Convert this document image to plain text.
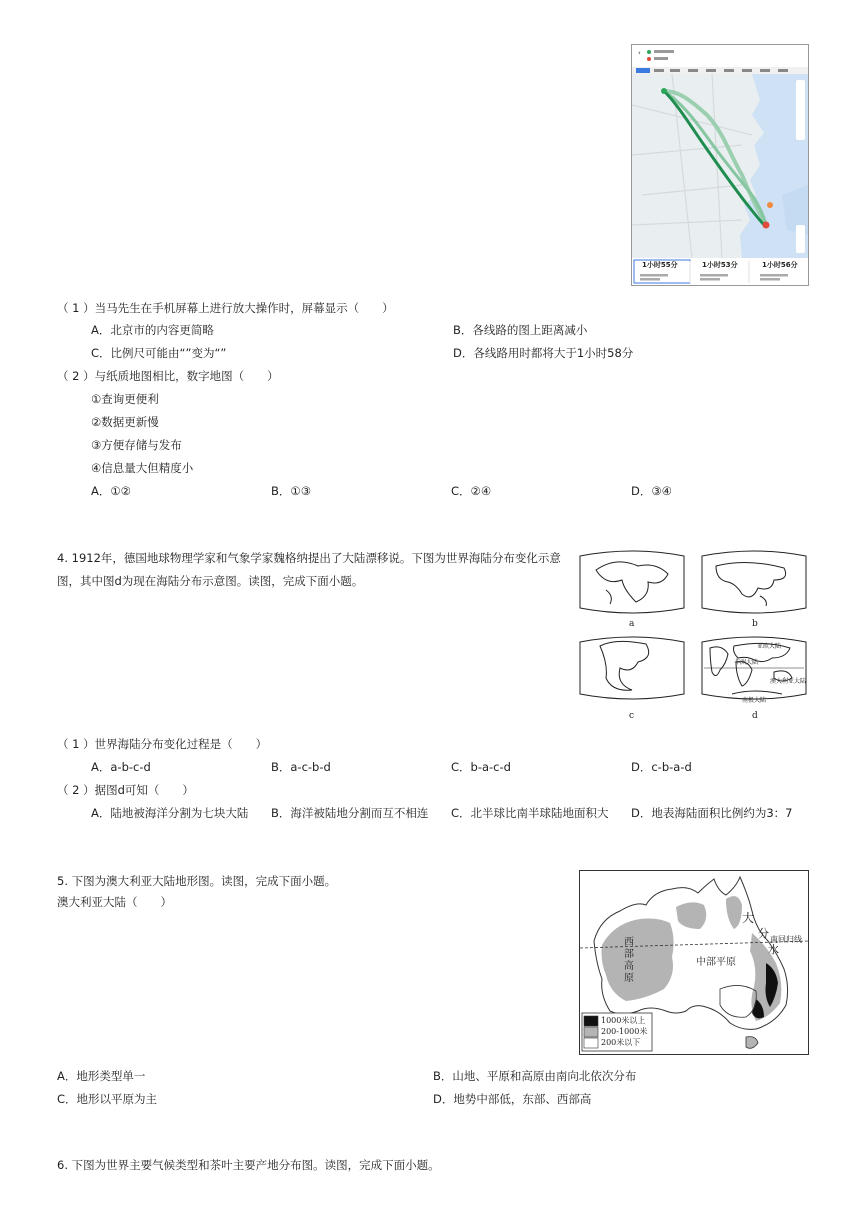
‹
1小时55分	1小时53分	1小时56分
（ 1 ）当马先生在手机屏幕上进行放大操作时，屏幕显示（　　）
A．北京市的内容更简略	B．各线路的图上距离减小
C．比例尺可能由“”变为“”	D．各线路用时都将大于1小时58分
（ 2 ）与纸质地图相比，数字地图（　　）
①查询更便利
②数据更新慢
③方便存储与发布
④信息量大但精度小
A．①②	B．①③	C．②④	D．③④
4. 1912年，德国地球物理学家和气象学家魏格纳提出了大陆漂移说。下图为世界海陆分布变化示意
图，其中图d为现在海陆分布示意图。读图，完成下面小题。
a	b
c	d
亚欧大陆
非洲大陆
澳大利亚大陆
南极大陆
（ 1 ）世界海陆分布变化过程是（　　）
A．a-b-c-d	B．a-c-b-d	C．b-a-c-d	D．c-b-a-d
（ 2 ）据图d可知（　　）
A．陆地被海洋分割为七块大陆 B．海洋被陆地分割而互不相连 C．北半球比南半球陆地面积大 D．地表海陆面积比例约为3：7
5. 下图为澳大利亚大陆地形图。读图，完成下面小题。
澳大利亚大陆（　　）
西
部
高
原
中部平原
大
分
水
南回归线
1000米以上
200-1000米
200米以下
A．地形类型单一	B．山地、平原和高原由南向北依次分布
C．地形以平原为主	D．地势中部低，东部、西部高
6. 下图为世界主要气候类型和茶叶主要产地分布图。读图，完成下面小题。
